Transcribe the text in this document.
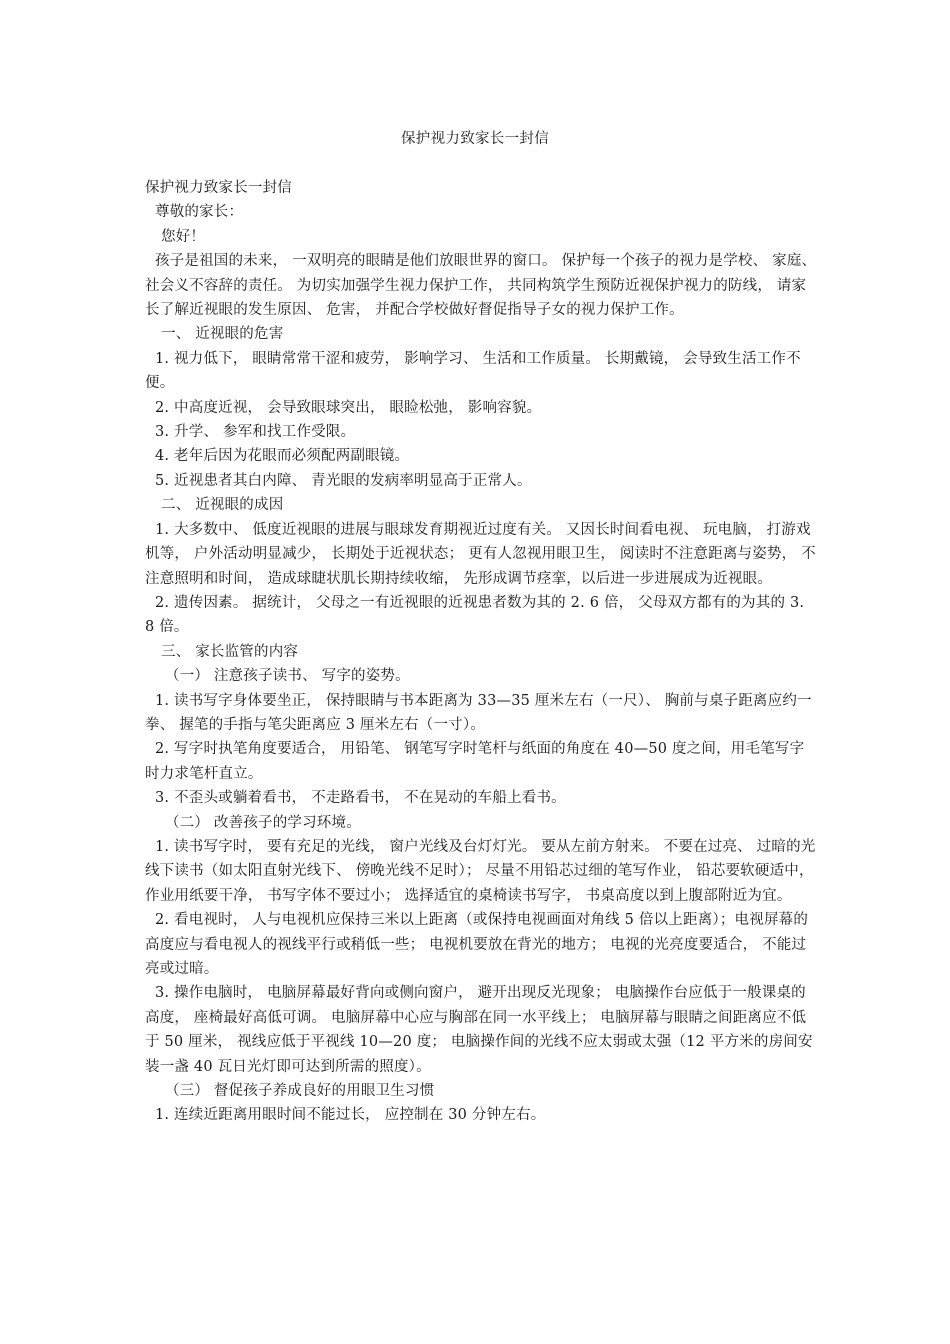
保护视力致家长一封信

保护视力致家长一封信

尊敬的家长：

您好！

孩子是祖国的未来， 一双明亮的眼睛是他们放眼世界的窗口。 保护每一个孩子的视力是学校、 家庭、 社会义不容辞的责任。 为切实加强学生视力保护工作， 共同构筑学生预防近视保护视力的防线， 请家长了解近视眼的发生原因、 危害， 并配合学校做好督促指导子女的视力保护工作。

一、 近视眼的危害

1. 视力低下， 眼睛常常干涩和疲劳， 影响学习、 生活和工作质量。 长期戴镜， 会导致生活工作不便。

2. 中高度近视， 会导致眼球突出， 眼睑松弛， 影响容貌。

3. 升学、 参军和找工作受限。

4. 老年后因为花眼而必须配两副眼镜。

5. 近视患者其白内障、 青光眼的发病率明显高于正常人。

二、 近视眼的成因

1. 大多数中、 低度近视眼的进展与眼球发育期视近过度有关。 又因长时间看电视、 玩电脑， 打游戏机等， 户外活动明显减少， 长期处于近视状态； 更有人忽视用眼卫生， 阅读时不注意距离与姿势， 不注意照明和时间， 造成球睫状肌长期持续收缩， 先形成调节痉挛，以后进一步进展成为近视眼。

2. 遗传因素。 据统计， 父母之一有近视眼的近视患者数为其的 2. 6 倍， 父母双方都有的为其的 3. 8 倍。

三、 家长监管的内容

（一） 注意孩子读书、 写字的姿势。

1. 读书写字身体要坐正， 保持眼睛与书本距离为 33—35 厘米左右（一尺）、 胸前与桌子距离应约一拳、 握笔的手指与笔尖距离应 3 厘米左右（一寸）。

2. 写字时执笔角度要适合， 用铅笔、 钢笔写字时笔杆与纸面的角度在 40—50 度之间，用毛笔写字时力求笔杆直立。

3. 不歪头或躺着看书， 不走路看书， 不在晃动的车船上看书。

（二） 改善孩子的学习环境。

1. 读书写字时， 要有充足的光线， 窗户光线及台灯灯光。 要从左前方射来。 不要在过亮、 过暗的光线下读书（如太阳直射光线下、 傍晚光线不足时）； 尽量不用铅芯过细的笔写作业， 铅芯要软硬适中， 作业用纸要干净， 书写字体不要过小； 选择适宜的桌椅读书写字， 书桌高度以到上腹部附近为宜。

2. 看电视时， 人与电视机应保持三米以上距离（或保持电视画面对角线 5 倍以上距离）；电视屏幕的高度应与看电视人的视线平行或稍低一些； 电视机要放在背光的地方； 电视的光亮度要适合， 不能过亮或过暗。

3. 操作电脑时， 电脑屏幕最好背向或侧向窗户， 避开出现反光现象； 电脑操作台应低于一般课桌的高度， 座椅最好高低可调。 电脑屏幕中心应与胸部在同一水平线上； 电脑屏幕与眼睛之间距离应不低于 50 厘米， 视线应低于平视线 10—20 度； 电脑操作间的光线不应太弱或太强（12 平方米的房间安装一盏 40 瓦日光灯即可达到所需的照度）。

（三） 督促孩子养成良好的用眼卫生习惯

1. 连续近距离用眼时间不能过长， 应控制在 30 分钟左右。
